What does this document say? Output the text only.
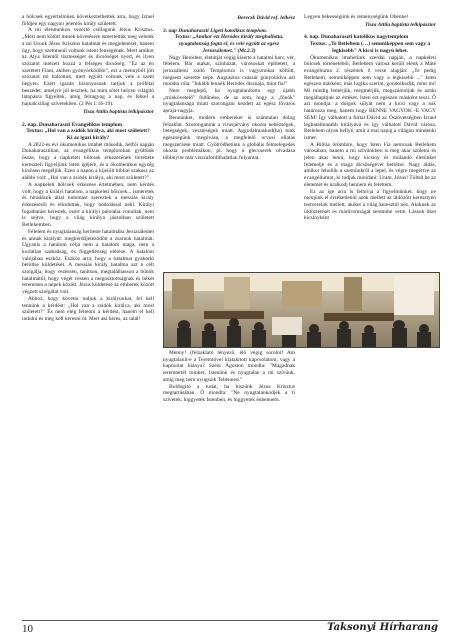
a bölcsek egyértelműen következtethettek arra, hogy Izrael földjén egy nagyon jelentős király született.

A mi életutunkon vezérlő csillagunk Jézus Krisztus. „Mert nem kötött mesék követésére ismertettük meg veletek a mi Urunk Jézus Krisztus hatalmát és megjelenését, hanem úgy, hogy szemtanúi voltunk isteni fenségének. Mert amikor az Atya Istentől tisztességet és dicsőséget nyert, és ilyen szózatot intézett hozzá a felséges dicsőség: "Ez az én szeretett Fiam, akiben gyönyörködöm", ezt a mennyből jött szózatot mi hallottuk, mert együtt voltunk vele a szent hegyen. Ezért igazán bizonyosnak tartjuk a prófétai beszédet, amelyre jól teszitek, ha mint sötét helyen világító lámpásra figyeltek, amíg felragyog a nap, és felkel a hajnalcsillag szívetekben. (2 Pét 1:16-19).

Tisza Attila baptista lelkipásztor

2. nap. Dunaharaszti Evangélikus templom

Textus: „Hol van a zsidók királya, aki most született?

Ki az igazi király?

A 2022-es évi ökumenikus imahét második, hétfői napján Dunaharasztiban, az evangélikus templomban gyűltünk össze, hogy a napkeleti bölcsek érkezésének története kereszteli figyeljünk Isten igéjére, és a ökumenikus egység közösen megéljük. Ezen a napon a kijelölt bibliai szakasz az alábbi volt: „Hol van a zsidók királya, aki most született?"

A napkeleti bölcsek érkezése értelmében, nem kérdés volt, hogy a királyi hatalom, a napkeleti bölcsek... ismeretek és híradások által tudomást szereztek a messiás király érkezéséről és elindultak, hogy hódolással neki. Királyi fogadtatást kerestek, ezért a királyi palotába vonultak, nem is sejtve, hogy a világ királya jászolban született Betlehemben.

Félelem és nyugtalanság kerítette hatalmába Jeruzsálemet és annak királyát: megkérdőjeleződött a zsarnok hatalmát. Ugyanis a hatalom célja nem a hatalom maga, nem a korlátlan szabadság, és függetlenség elérése. A hatalom valójában eszköz. Eszköz arra, hogy a hatalmat gyakorló betöltse küldetését. A messiás király hatalma azt a célt szolgálja, hogy vezessen, tanítson, megtalálhasson a bűnök hatalmától, hogy végét vessen a megosztottságnak és békét teremtsen a népek között. Jézus küldetése az emberek között végzett szolgálat volt.

Ahhoz, hogy követni tudjuk a királyunkat, fel kell tennünk a kérdést: „Hol van a zsidók királya, aki most született?" És nem elég feltenni a kérdést, hanem el kell indulni és meg kell keresni őt. Mert aki keres, az talál!

Bereczk Dávid ref. lelkész

3. nap Dunaharaszti Ligeti katolikus templom.

Textus: „Amikor ezt Heródes király meghallotta, nyugtalanság fogta el, és vele együtt az egész Jeruzsálemet." (Mt.2.3)

Nagy Heródest, életútját végig kísérte a hatalmi harc, vér, félelem. Bár utakat, színházat, várososkat építtetett, a jeruzsálemi zsidó Templomra is vagyonokat költött, mégsem szerette népe. Augusztus császár gúnyolódva azt mondta róla: "Inkább lennék Heródes disznaja, mint fia!"

Nem meglepő, ha nyugtalanította egy újabb „trónkövetelő" feltűnése, de az sem, hogy a „főnök" nyugtalansága miatt szorongani kezdett az egész főváros apraja-nagyja.

Bennünket, modern embereket is számtalan dolog felzaklat. Szorongatunk a vírusjárvány okozta nehézségek, betegségek, veszteségek miatt. Aggodalmaskod(ha) tunk egészségünk megóvása, a megfelelő orvosi ellátás megszerzése miatt. Gyötrődhetünk a globális felmelegedés okozta problémákon, pl. hogy a gleccserek olvadása többnyire már visszafordíthatatlan folyamat.

Menny! (felzaklató tényező, élő végig sorolni! Am nyugtalanít-e a Teremtővel kialakított kapcsolatom, vagy a kapcsolat hiánya? Szent Ágoston mondta: "Magadnak teremtettél minket, Istenünk és nyugtalan a mi szívünk, amíg meg nem nyugszik Tebenned."

Boldogító a tudat, ha hiszünk Jézus Krisztus megtartásában. Ő mondta: "Ne nyugtalankodjék a ti szívetek: higgyetek Istenben, és higgyetek énbennem.

Legyen békességünk és reménységünk Öbenne!

Tisza Attila baptista lelkipásztor

4. nap. Dunaharaszti katolikus nagytemplom

Textus: „Te Betlehem (…) semmiképpen sem vagy a legkisebb" A kicsi is nagyú lehet.

Ökumenikus imahetünk szerdai napján, a napkeleti bölcsek történetéből, Betlehem városa került elénk a Máté evangéliuma 2. részének 6 verse alapján: „Te pedig Betlehem, semmiképpen sem vagy a legkisebb ..." Isten egészen másként, más logika szerint, gondolkodik, mint mi! Mi mindig lemérjük, megmérjük, megszámoljuk és aztán megállapítjuk az értéket. Isten ezt egészen másként teszi. Ő azt mondja: a dolgok súlyát nem a kicsi vagy a sok határozza meg, hanem hogy BENNE VAGYOK -E VAGY SEM! Így válhatott a furtal Dávid az Ószövetségben Izrael legbatalmasabb királyává és így válhatott Dávid városa, Betlehem olyan hellyé, amit a mai napig a világon mindenki ismer.

A Biblia örömhíre, hogy Isten Fia nemcsak Betlehem városában, hanem a mi szívünkben is meg akar születni és jelen akar lenni, hogy kicsiny és múlandó életünket felemelje és a maga dicsőségével betöltse. Nagy áldás, amikor lehullik a szemünkről a lepel, és végre megértve az evangéliumot, ki tudjuk mondani: Uram, Jézus! Töltsd be az életemet és uralkodj bennem és felettem.

Ez az ige arra is felhívja a figyelmünket, hogy ne menjünk el érzéketlenül azok mellett az üldözött keresztyén testvéreink mellett, akiket a világ keresztül néz. Akiknek az üldöztetését és mártíromságát semmibe vette. Lássuk őket kicsinyként

10	Taksonyi Hírharang
